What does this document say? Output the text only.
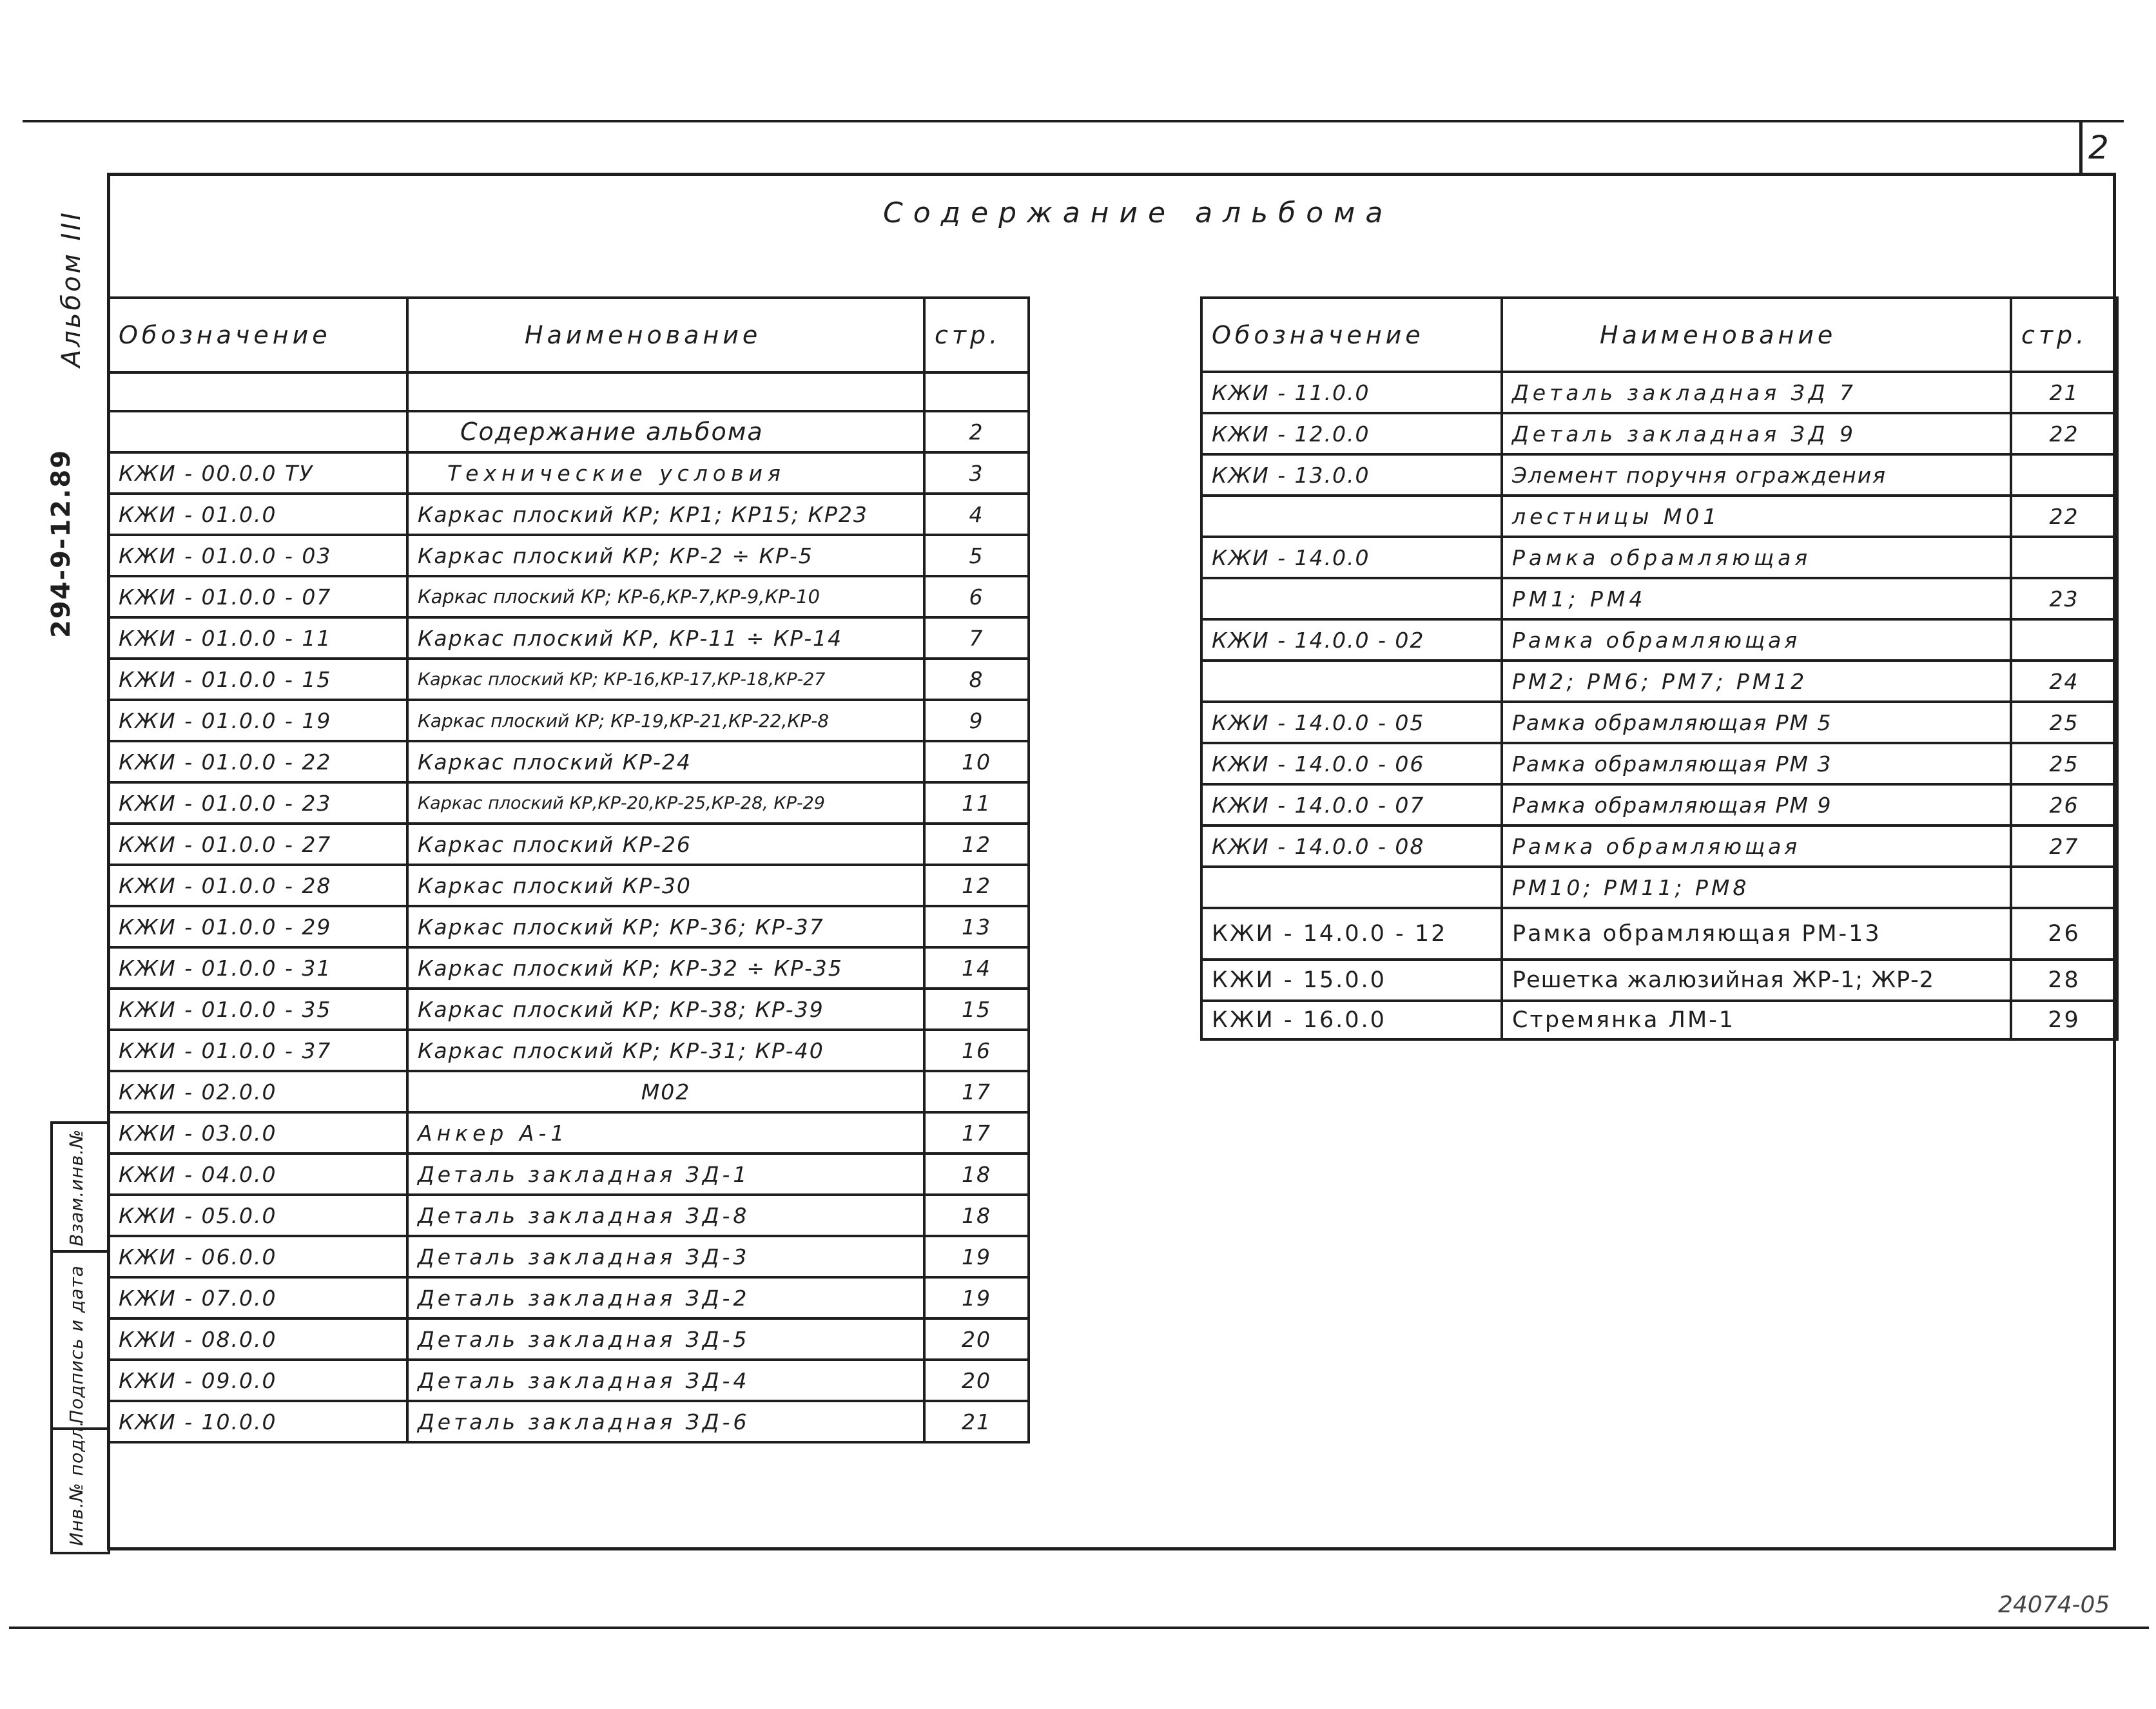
2
Содержание альбома
Альбом III
294-9-12.89
Взам.инв.№
Подпись и дата
Инв.№ подл.
Обозначение	Наименование	стр.

	Содержание альбома	2
КЖИ - 00.0.0 ТУ	Технические условия	3
КЖИ - 01.0.0	Каркас плоский КР; КР1; КР15; КР23	4
КЖИ - 01.0.0 - 03	Каркас плоский КР; КР-2 ÷ КР-5	5
КЖИ - 01.0.0 - 07	Каркас плоский КР; КР-6,КР-7,КР-9,КР-10	6
КЖИ - 01.0.0 - 11	Каркас плоский КР, КР-11 ÷ КР-14	7
КЖИ - 01.0.0 - 15	Каркас плоский КР; КР-16,КР-17,КР-18,КР-27	8
КЖИ - 01.0.0 - 19	Каркас плоский КР; КР-19,КР-21,КР-22,КР-8	9
КЖИ - 01.0.0 - 22	Каркас плоский КР-24	10
КЖИ - 01.0.0 - 23	Каркас плоский КР,КР-20,КР-25,КР-28, КР-29	11
КЖИ - 01.0.0 - 27	Каркас плоский КР-26	12
КЖИ - 01.0.0 - 28	Каркас плоский КР-30	12
КЖИ - 01.0.0 - 29	Каркас плоский КР; КР-36; КР-37	13
КЖИ - 01.0.0 - 31	Каркас плоский КР; КР-32 ÷ КР-35	14
КЖИ - 01.0.0 - 35	Каркас плоский КР; КР-38; КР-39	15
КЖИ - 01.0.0 - 37	Каркас плоский КР; КР-31; КР-40	16
КЖИ - 02.0.0	М02	17
КЖИ - 03.0.0	Анкер А-1	17
КЖИ - 04.0.0	Деталь закладная ЗД-1	18
КЖИ - 05.0.0	Деталь закладная ЗД-8	18
КЖИ - 06.0.0	Деталь закладная ЗД-3	19
КЖИ - 07.0.0	Деталь закладная ЗД-2	19
КЖИ - 08.0.0	Деталь закладная ЗД-5	20
КЖИ - 09.0.0	Деталь закладная ЗД-4	20
КЖИ - 10.0.0	Деталь закладная ЗД-6	21
Обозначение	Наименование	стр.
КЖИ - 11.0.0	Деталь закладная ЗД 7	21
КЖИ - 12.0.0	Деталь закладная ЗД 9	22
КЖИ - 13.0.0	Элемент поручня ограждения	
	лестницы М01	22
КЖИ - 14.0.0	Рамка обрамляющая	
	РМ1; РМ4	23
КЖИ - 14.0.0 - 02	Рамка обрамляющая	
	РМ2; РМ6; РМ7; РМ12	24
КЖИ - 14.0.0 - 05	Рамка обрамляющая РМ 5	25
КЖИ - 14.0.0 - 06	Рамка обрамляющая РМ 3	25
КЖИ - 14.0.0 - 07	Рамка обрамляющая РМ 9	26
КЖИ - 14.0.0 - 08	Рамка обрамляющая	27
	РМ10; РМ11; РМ8	
КЖИ - 14.0.0 - 12	Рамка обрамляющая РМ-13	26
КЖИ - 15.0.0	Решетка жалюзийная ЖР-1; ЖР-2	28
КЖИ - 16.0.0	Стремянка ЛМ-1	29
24074-05
